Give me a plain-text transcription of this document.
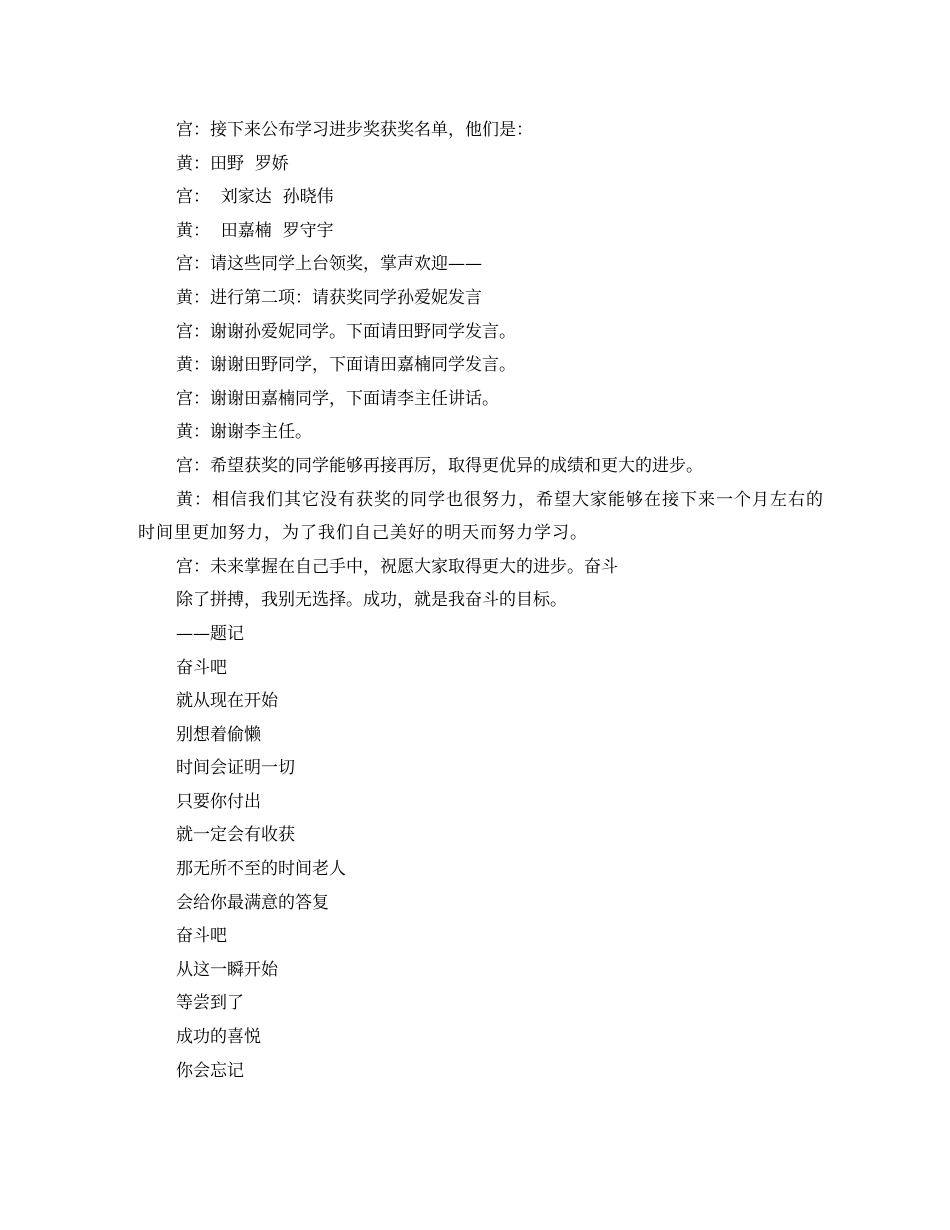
宫：接下来公布学习进步奖获奖名单，他们是：

黄：田野  罗娇

宫：  刘家达  孙晓伟

黄：  田嘉楠  罗守宇

宫：请这些同学上台领奖，掌声欢迎——

黄：进行第二项：请获奖同学孙爱妮发言

宫：谢谢孙爱妮同学。下面请田野同学发言。

黄：谢谢田野同学，下面请田嘉楠同学发言。

宫：谢谢田嘉楠同学，下面请李主任讲话。

黄：谢谢李主任。

宫：希望获奖的同学能够再接再厉，取得更优异的成绩和更大的进步。

黄：相信我们其它没有获奖的同学也很努力，希望大家能够在接下来一个月左右的时间里更加努力，为了我们自己美好的明天而努力学习。

宫：未来掌握在自己手中，祝愿大家取得更大的进步。奋斗

除了拼搏，我别无选择。成功，就是我奋斗的目标。

——题记

奋斗吧

就从现在开始

别想着偷懒

时间会证明一切

只要你付出

就一定会有收获

那无所不至的时间老人

会给你最满意的答复

奋斗吧

从这一瞬开始

等尝到了

成功的喜悦

你会忘记
